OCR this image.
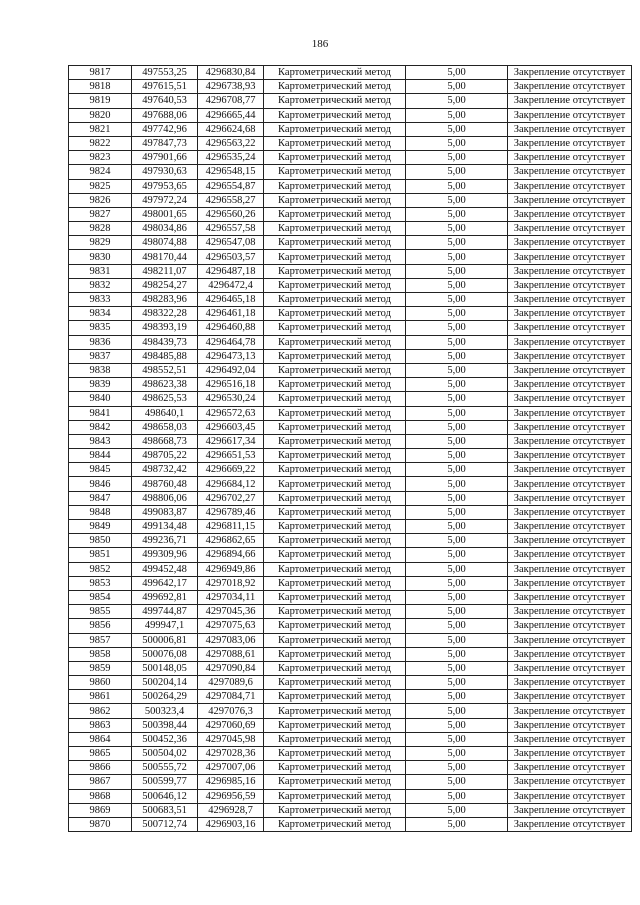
186
9817	497553,25	4296830,84	Картометрический метод	5,00	Закрепление отсутствует
9818	497615,51	4296738,93	Картометрический метод	5,00	Закрепление отсутствует
9819	497640,53	4296708,77	Картометрический метод	5,00	Закрепление отсутствует
9820	497688,06	4296665,44	Картометрический метод	5,00	Закрепление отсутствует
9821	497742,96	4296624,68	Картометрический метод	5,00	Закрепление отсутствует
9822	497847,73	4296563,22	Картометрический метод	5,00	Закрепление отсутствует
9823	497901,66	4296535,24	Картометрический метод	5,00	Закрепление отсутствует
9824	497930,63	4296548,15	Картометрический метод	5,00	Закрепление отсутствует
9825	497953,65	4296554,87	Картометрический метод	5,00	Закрепление отсутствует
9826	497972,24	4296558,27	Картометрический метод	5,00	Закрепление отсутствует
9827	498001,65	4296560,26	Картометрический метод	5,00	Закрепление отсутствует
9828	498034,86	4296557,58	Картометрический метод	5,00	Закрепление отсутствует
9829	498074,88	4296547,08	Картометрический метод	5,00	Закрепление отсутствует
9830	498170,44	4296503,57	Картометрический метод	5,00	Закрепление отсутствует
9831	498211,07	4296487,18	Картометрический метод	5,00	Закрепление отсутствует
9832	498254,27	4296472,4	Картометрический метод	5,00	Закрепление отсутствует
9833	498283,96	4296465,18	Картометрический метод	5,00	Закрепление отсутствует
9834	498322,28	4296461,18	Картометрический метод	5,00	Закрепление отсутствует
9835	498393,19	4296460,88	Картометрический метод	5,00	Закрепление отсутствует
9836	498439,73	4296464,78	Картометрический метод	5,00	Закрепление отсутствует
9837	498485,88	4296473,13	Картометрический метод	5,00	Закрепление отсутствует
9838	498552,51	4296492,04	Картометрический метод	5,00	Закрепление отсутствует
9839	498623,38	4296516,18	Картометрический метод	5,00	Закрепление отсутствует
9840	498625,53	4296530,24	Картометрический метод	5,00	Закрепление отсутствует
9841	498640,1	4296572,63	Картометрический метод	5,00	Закрепление отсутствует
9842	498658,03	4296603,45	Картометрический метод	5,00	Закрепление отсутствует
9843	498668,73	4296617,34	Картометрический метод	5,00	Закрепление отсутствует
9844	498705,22	4296651,53	Картометрический метод	5,00	Закрепление отсутствует
9845	498732,42	4296669,22	Картометрический метод	5,00	Закрепление отсутствует
9846	498760,48	4296684,12	Картометрический метод	5,00	Закрепление отсутствует
9847	498806,06	4296702,27	Картометрический метод	5,00	Закрепление отсутствует
9848	499083,87	4296789,46	Картометрический метод	5,00	Закрепление отсутствует
9849	499134,48	4296811,15	Картометрический метод	5,00	Закрепление отсутствует
9850	499236,71	4296862,65	Картометрический метод	5,00	Закрепление отсутствует
9851	499309,96	4296894,66	Картометрический метод	5,00	Закрепление отсутствует
9852	499452,48	4296949,86	Картометрический метод	5,00	Закрепление отсутствует
9853	499642,17	4297018,92	Картометрический метод	5,00	Закрепление отсутствует
9854	499692,81	4297034,11	Картометрический метод	5,00	Закрепление отсутствует
9855	499744,87	4297045,36	Картометрический метод	5,00	Закрепление отсутствует
9856	499947,1	4297075,63	Картометрический метод	5,00	Закрепление отсутствует
9857	500006,81	4297083,06	Картометрический метод	5,00	Закрепление отсутствует
9858	500076,08	4297088,61	Картометрический метод	5,00	Закрепление отсутствует
9859	500148,05	4297090,84	Картометрический метод	5,00	Закрепление отсутствует
9860	500204,14	4297089,6	Картометрический метод	5,00	Закрепление отсутствует
9861	500264,29	4297084,71	Картометрический метод	5,00	Закрепление отсутствует
9862	500323,4	4297076,3	Картометрический метод	5,00	Закрепление отсутствует
9863	500398,44	4297060,69	Картометрический метод	5,00	Закрепление отсутствует
9864	500452,36	4297045,98	Картометрический метод	5,00	Закрепление отсутствует
9865	500504,02	4297028,36	Картометрический метод	5,00	Закрепление отсутствует
9866	500555,72	4297007,06	Картометрический метод	5,00	Закрепление отсутствует
9867	500599,77	4296985,16	Картометрический метод	5,00	Закрепление отсутствует
9868	500646,12	4296956,59	Картометрический метод	5,00	Закрепление отсутствует
9869	500683,51	4296928,7	Картометрический метод	5,00	Закрепление отсутствует
9870	500712,74	4296903,16	Картометрический метод	5,00	Закрепление отсутствует
